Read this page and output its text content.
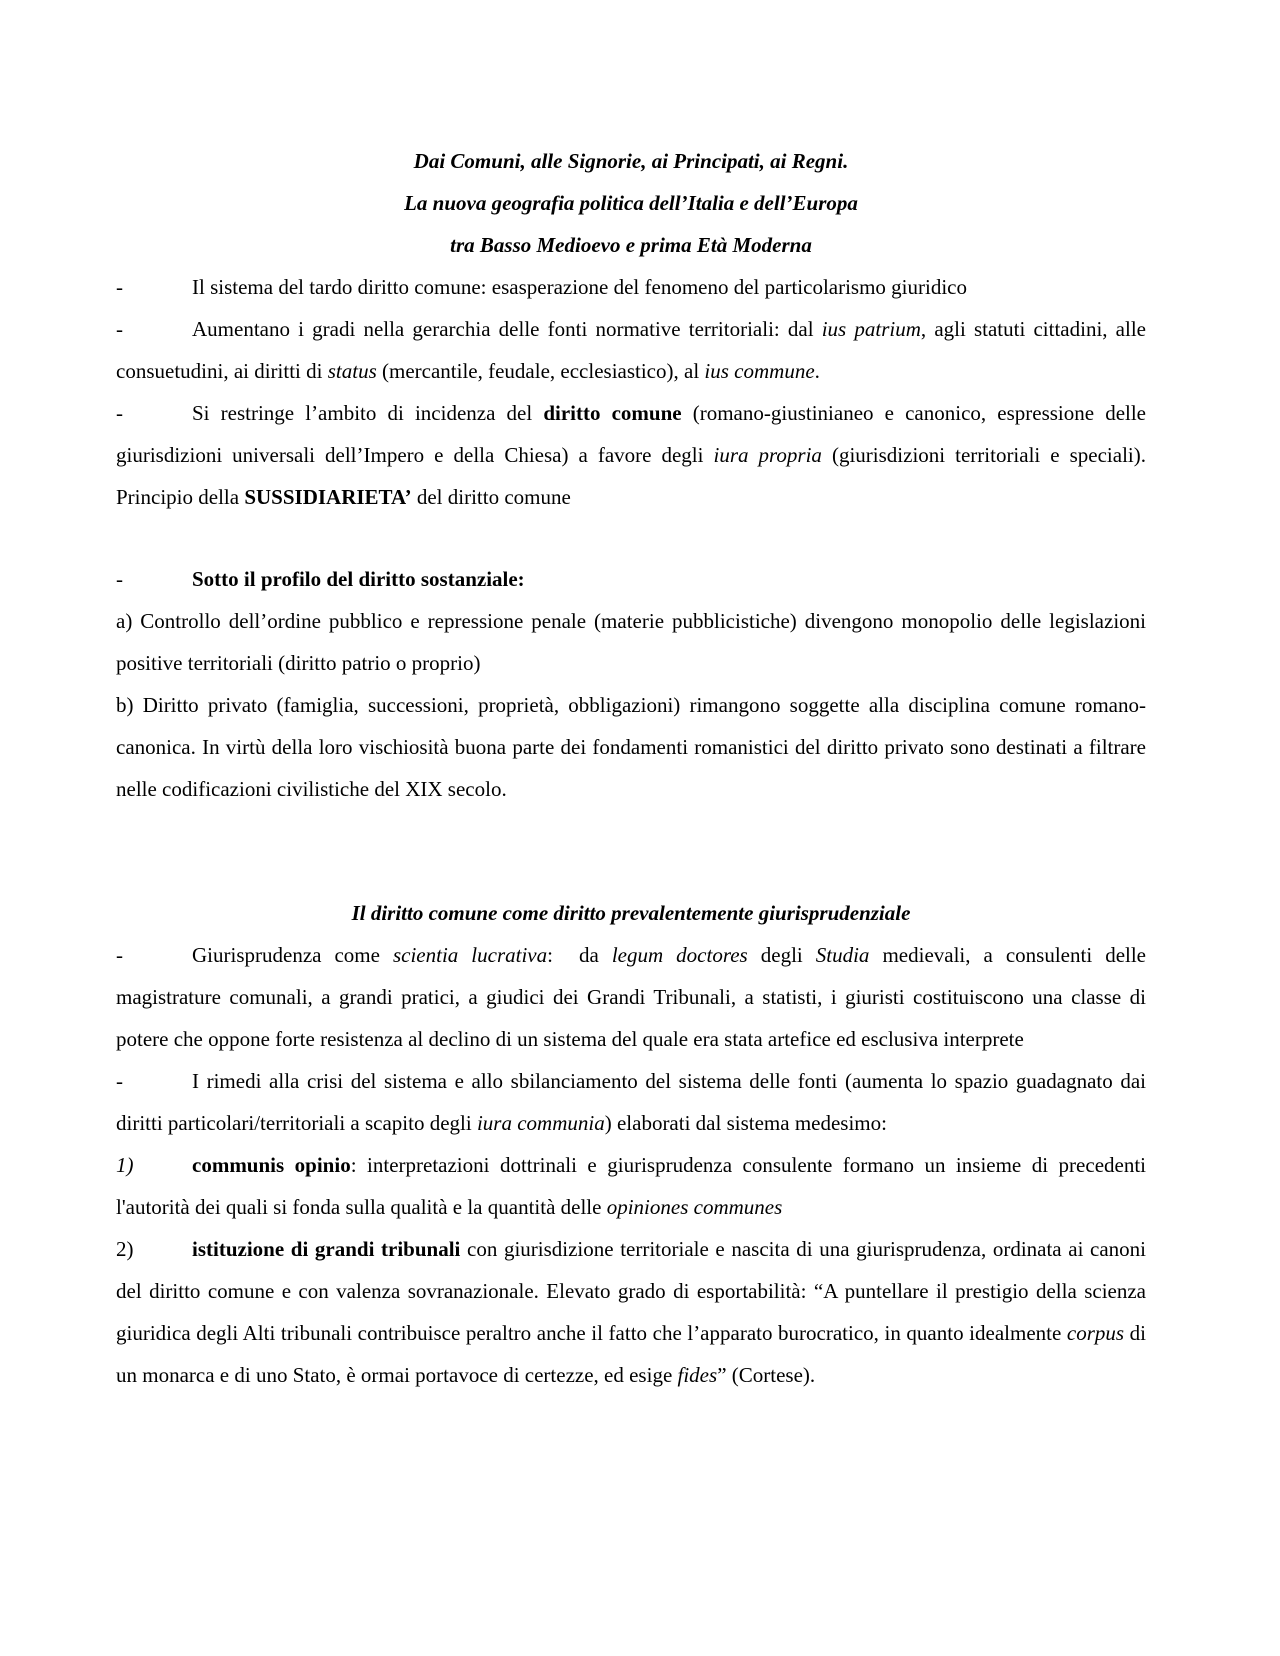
Dai Comuni, alle Signorie, ai Principati, ai Regni.
La nuova geografia politica dell’Italia e dell’Europa
tra Basso Medioevo e prima Età Moderna

-	Il sistema del tardo diritto comune: esasperazione del fenomeno del particolarismo giuridico

-	Aumentano i gradi nella gerarchia delle fonti normative territoriali: dal ius patrium, agli statuti cittadini, alle consuetudini, ai diritti di status (mercantile, feudale, ecclesiastico), al ius commune.

-	Si restringe l’ambito di incidenza del diritto comune (romano-giustinianeo e canonico, espressione delle giurisdizioni universali dell’Impero e della Chiesa) a favore degli iura propria (giurisdizioni territoriali e speciali). Principio della SUSSIDIARIETA’ del diritto comune

-	Sotto il profilo del diritto sostanziale:

a) Controllo dell’ordine pubblico e repressione penale (materie pubblicistiche) divengono monopolio delle legislazioni positive territoriali (diritto patrio o proprio)

b) Diritto privato (famiglia, successioni, proprietà, obbligazioni) rimangono soggette alla disciplina comune romano-canonica. In virtù della loro vischiosità buona parte dei fondamenti romanistici del diritto privato sono destinati a filtrare nelle codificazioni civilistiche del XIX secolo.

Il diritto comune come diritto prevalentemente giurisprudenziale

-	Giurisprudenza come scientia lucrativa:  da legum doctores degli Studia medievali, a consulenti delle magistrature comunali, a grandi pratici, a giudici dei Grandi Tribunali, a statisti, i giuristi costituiscono una classe di potere che oppone forte resistenza al declino di un sistema del quale era stata artefice ed esclusiva interprete

-	I rimedi alla crisi del sistema e allo sbilanciamento del sistema delle fonti (aumenta lo spazio guadagnato dai diritti particolari/territoriali a scapito degli iura communia) elaborati dal sistema medesimo:

1)	communis opinio: interpretazioni dottrinali e giurisprudenza consulente formano un insieme di precedenti l'autorità dei quali si fonda sulla qualità e la quantità delle opiniones communes

2)	istituzione di grandi tribunali con giurisdizione territoriale e nascita di una giurisprudenza, ordinata ai canoni del diritto comune e con valenza sovranazionale. Elevato grado di esportabilità: “A puntellare il prestigio della scienza giuridica degli Alti tribunali contribuisce peraltro anche il fatto che l’apparato burocratico, in quanto idealmente corpus di un monarca e di uno Stato, è ormai portavoce di certezze, ed esige fides” (Cortese).
